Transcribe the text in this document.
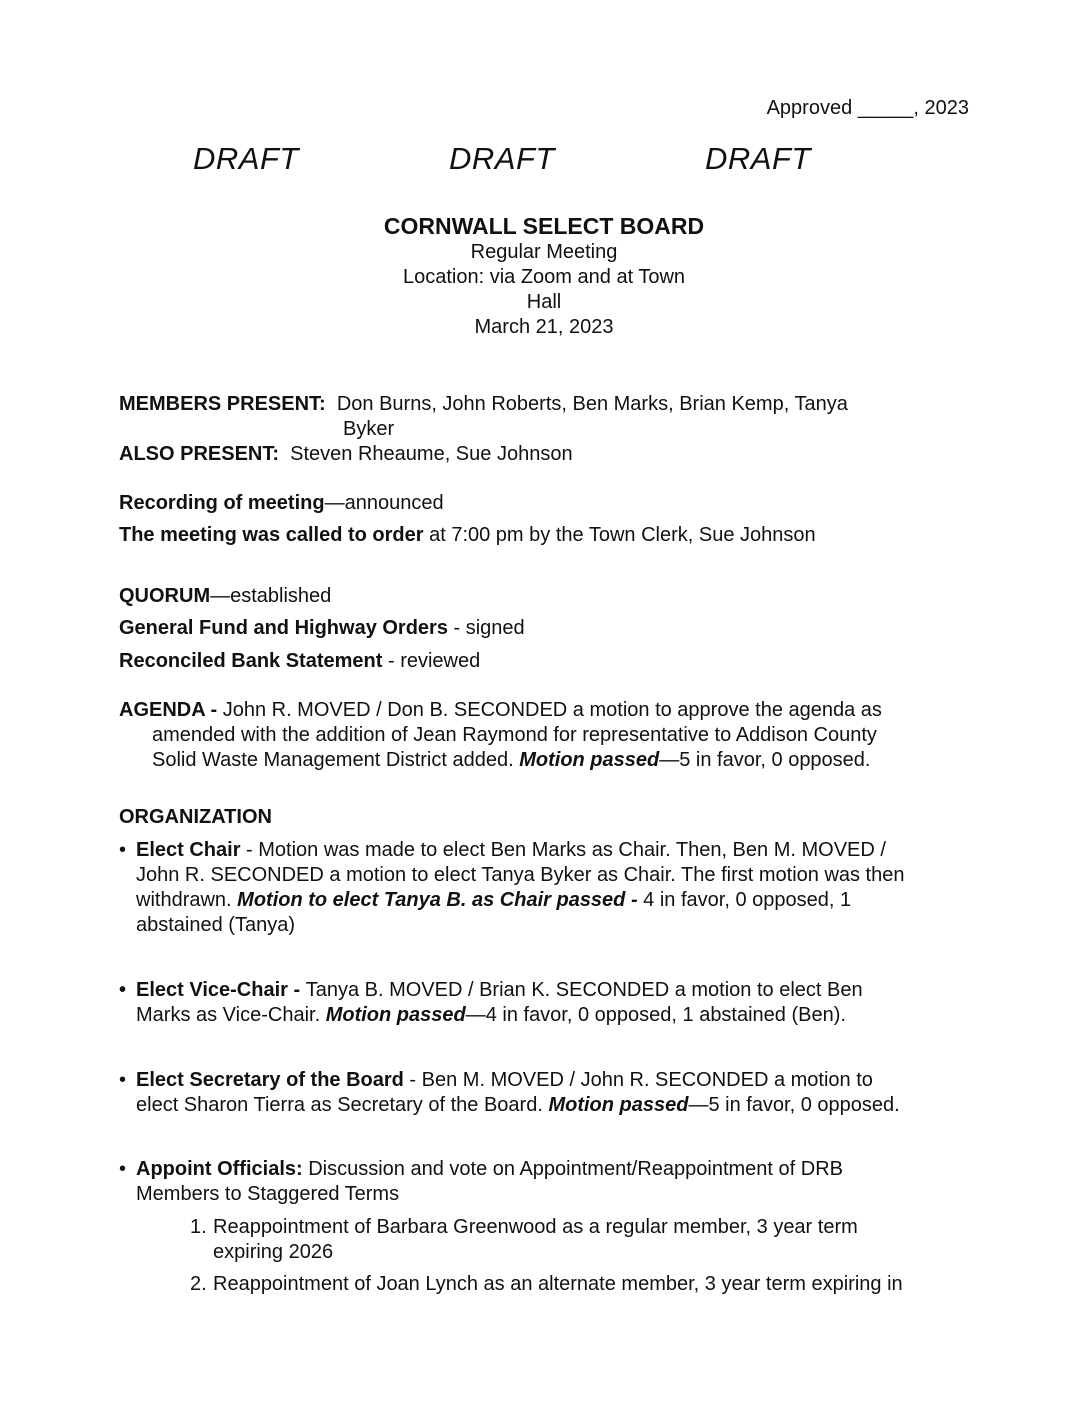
Approved _____, 2023
DRAFT	DRAFT	DRAFT
CORNWALL SELECT BOARD
Regular Meeting
Location: via Zoom and at Town
Hall
March 21, 2023
MEMBERS PRESENT: Don Burns, John Roberts, Ben Marks, Brian Kemp, Tanya
Byker
ALSO PRESENT: Steven Rheaume, Sue Johnson
Recording of meeting—announced
The meeting was called to order at 7:00 pm by the Town Clerk, Sue Johnson
QUORUM—established
General Fund and Highway Orders - signed
Reconciled Bank Statement - reviewed
AGENDA - John R. MOVED / Don B. SECONDED a motion to approve the agenda as
amended with the addition of Jean Raymond for representative to Addison County
Solid Waste Management District added. Motion passed—5 in favor, 0 opposed.
ORGANIZATION
• Elect Chair - Motion was made to elect Ben Marks as Chair. Then, Ben M. MOVED /
John R. SECONDED a motion to elect Tanya Byker as Chair. The first motion was then
withdrawn. Motion to elect Tanya B. as Chair passed - 4 in favor, 0 opposed, 1
abstained (Tanya)
• Elect Vice-Chair - Tanya B. MOVED / Brian K. SECONDED a motion to elect Ben
Marks as Vice-Chair. Motion passed—4 in favor, 0 opposed, 1 abstained (Ben).
• Elect Secretary of the Board - Ben M. MOVED / John R. SECONDED a motion to
elect Sharon Tierra as Secretary of the Board. Motion passed—5 in favor, 0 opposed.
• Appoint Officials: Discussion and vote on Appointment/Reappointment of DRB
Members to Staggered Terms
1. Reappointment of Barbara Greenwood as a regular member, 3 year term
expiring 2026
2. Reappointment of Joan Lynch as an alternate member, 3 year term expiring in
